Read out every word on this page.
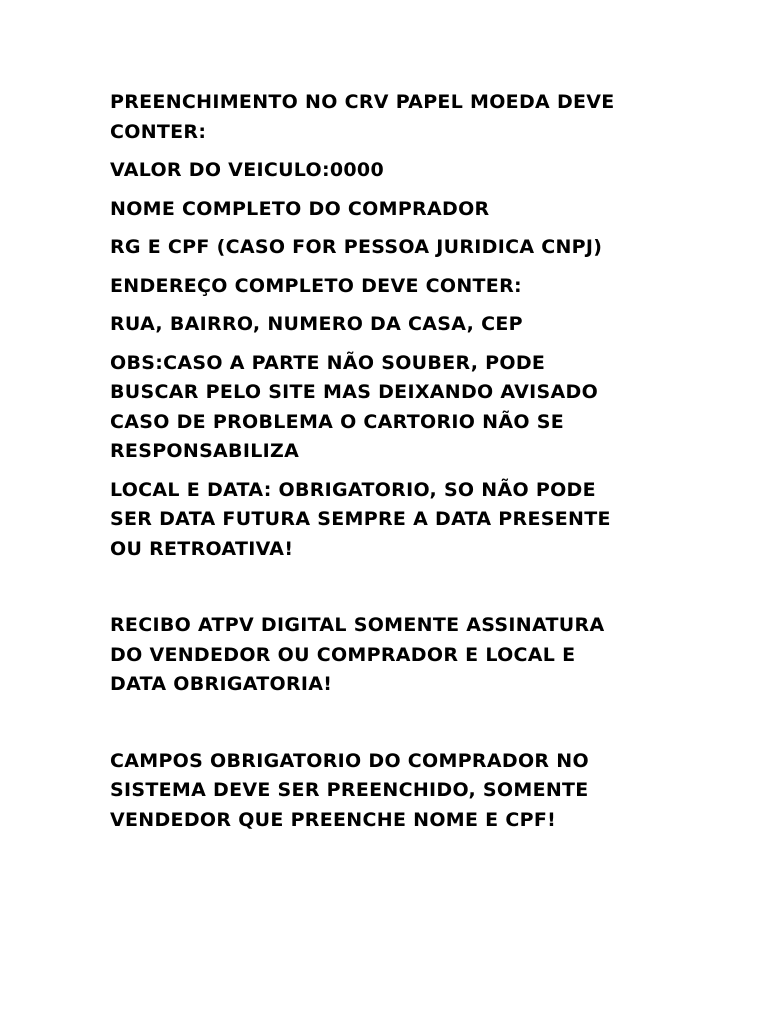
PREENCHIMENTO NO CRV PAPEL MOEDA DEVE
CONTER:

VALOR DO VEICULO:0000

NOME COMPLETO DO COMPRADOR

RG E CPF (CASO FOR PESSOA JURIDICA CNPJ)

ENDEREÇO COMPLETO DEVE CONTER:

RUA, BAIRRO, NUMERO DA CASA, CEP

OBS:CASO A PARTE NÃO SOUBER, PODE
BUSCAR PELO SITE MAS DEIXANDO AVISADO
CASO DE PROBLEMA O CARTORIO NÃO SE
RESPONSABILIZA

LOCAL E DATA: OBRIGATORIO, SO NÃO PODE
SER DATA FUTURA SEMPRE A DATA PRESENTE
OU RETROATIVA!

RECIBO ATPV DIGITAL SOMENTE ASSINATURA
DO VENDEDOR OU COMPRADOR E LOCAL E
DATA OBRIGATORIA!

CAMPOS OBRIGATORIO DO COMPRADOR NO
SISTEMA DEVE SER PREENCHIDO, SOMENTE
VENDEDOR QUE PREENCHE NOME E CPF!
